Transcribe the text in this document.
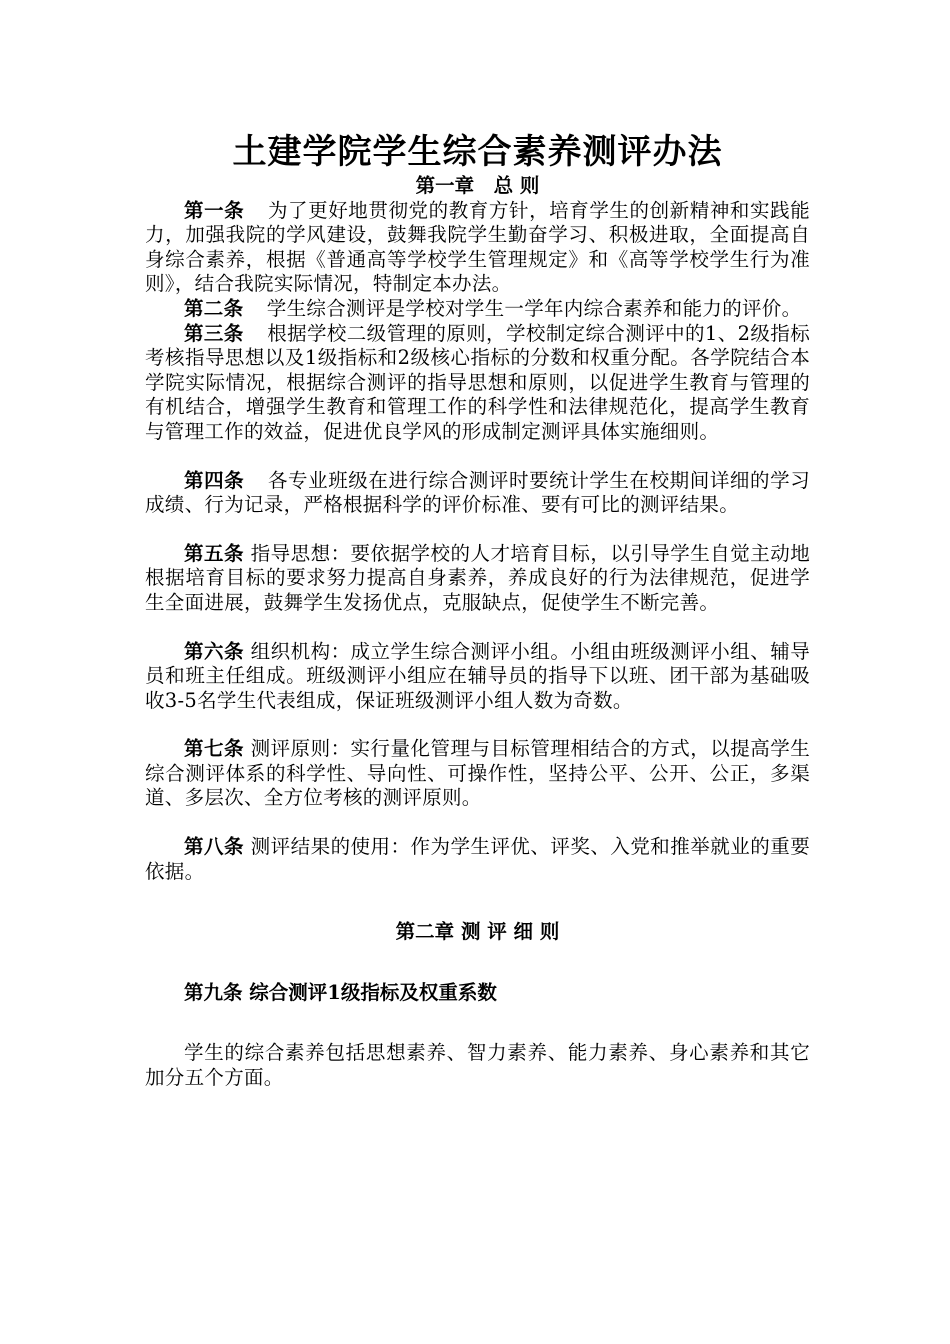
土建学院学生综合素养测评办法
第一章　总 则

第一条 为了更好地贯彻党的教育方针，培育学生的创新精神和实践能力，加强我院的学风建设，鼓舞我院学生勤奋学习、积极进取，全面提高自身综合素养，根据《普通高等学校学生管理规定》和《高等学校学生行为准则》，结合我院实际情况，特制定本办法。

第二条 学生综合测评是学校对学生一学年内综合素养和能力的评价。

第三条 根据学校二级管理的原则，学校制定综合测评中的1、2级指标考核指导思想以及1级指标和2级核心指标的分数和权重分配。各学院结合本学院实际情况，根据综合测评的指导思想和原则，以促进学生教育与管理的有机结合，增强学生教育和管理工作的科学性和法律规范化，提高学生教育与管理工作的效益，促进优良学风的形成制定测评具体实施细则。

第四条 各专业班级在进行综合测评时要统计学生在校期间详细的学习成绩、行为记录，严格根据科学的评价标准、要有可比的测评结果。

第五条 指导思想：要依据学校的人才培育目标，以引导学生自觉主动地根据培育目标的要求努力提高自身素养，养成良好的行为法律规范，促进学生全面进展，鼓舞学生发扬优点，克服缺点，促使学生不断完善。

第六条 组织机构：成立学生综合测评小组。小组由班级测评小组、辅导员和班主任组成。班级测评小组应在辅导员的指导下以班、团干部为基础吸收3-5名学生代表组成，保证班级测评小组人数为奇数。

第七条 测评原则：实行量化管理与目标管理相结合的方式，以提高学生综合测评体系的科学性、导向性、可操作性，坚持公平、公开、公正，多渠道、多层次、全方位考核的测评原则。

第八条 测评结果的使用：作为学生评优、评奖、入党和推举就业的重要依据。

第二章 测 评 细 则

第九条 综合测评1级指标及权重系数

学生的综合素养包括思想素养、智力素养、能力素养、身心素养和其它加分五个方面。
